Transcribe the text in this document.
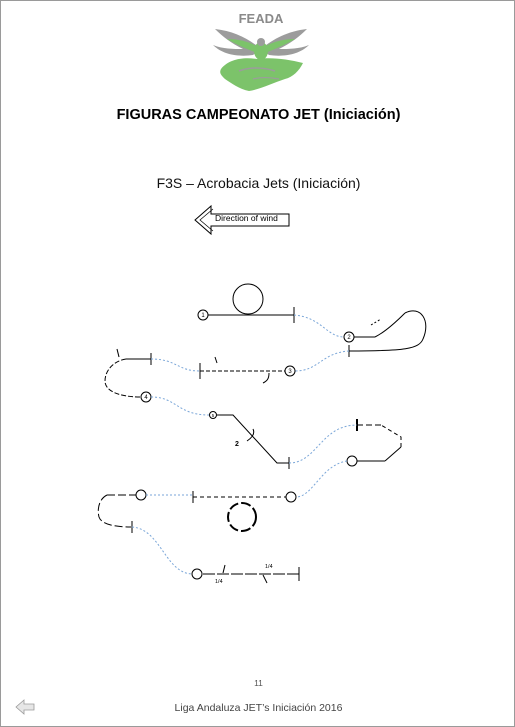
FEADA
FIGURAS CAMPEONATO JET (Iniciación)
F3S – Acrobacia Jets (Iniciación)
Direction of wind
1
2
3
4
5
2
1/4
1/4
11
Liga Andaluza JET’s Iniciación 2016
